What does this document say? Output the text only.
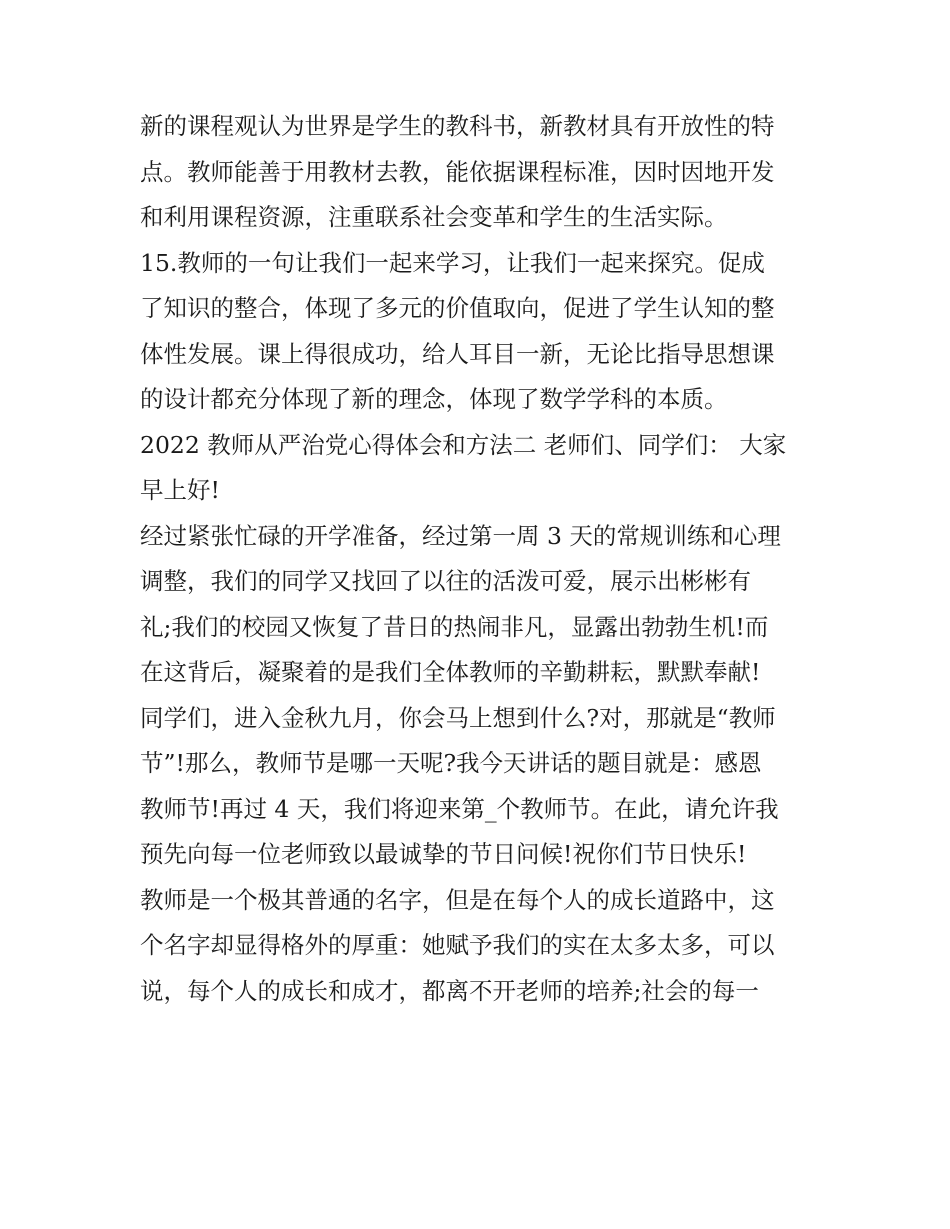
新的课程观认为世界是学生的教科书，新教材具有开放性的特
点。教师能善于用教材去教，能依据课程标准，因时因地开发
和利用课程资源，注重联系社会变革和学生的生活实际。
15.教师的一句让我们一起来学习，让我们一起来探究。促成
了知识的整合，体现了多元的价值取向，促进了学生认知的整
体性发展。课上得很成功，给人耳目一新，无论比指导思想课
的设计都充分体现了新的理念，体现了数学学科的本质。
2022 教师从严治党心得体会和方法二 老师们、同学们： 大家
早上好!
经过紧张忙碌的开学准备，经过第一周 3 天的常规训练和心理
调整，我们的同学又找回了以往的活泼可爱，展示出彬彬有
礼;我们的校园又恢复了昔日的热闹非凡，显露出勃勃生机!而
在这背后，凝聚着的是我们全体教师的辛勤耕耘，默默奉献!
同学们，进入金秋九月，你会马上想到什么?对，那就是“教师
节”!那么，教师节是哪一天呢?我今天讲话的题目就是：感恩
教师节!再过 4 天，我们将迎来第_个教师节。在此，请允许我
预先向每一位老师致以最诚挚的节日问候!祝你们节日快乐!
教师是一个极其普通的名字，但是在每个人的成长道路中，这
个名字却显得格外的厚重：她赋予我们的实在太多太多，可以
说，每个人的成长和成才，都离不开老师的培养;社会的每一
